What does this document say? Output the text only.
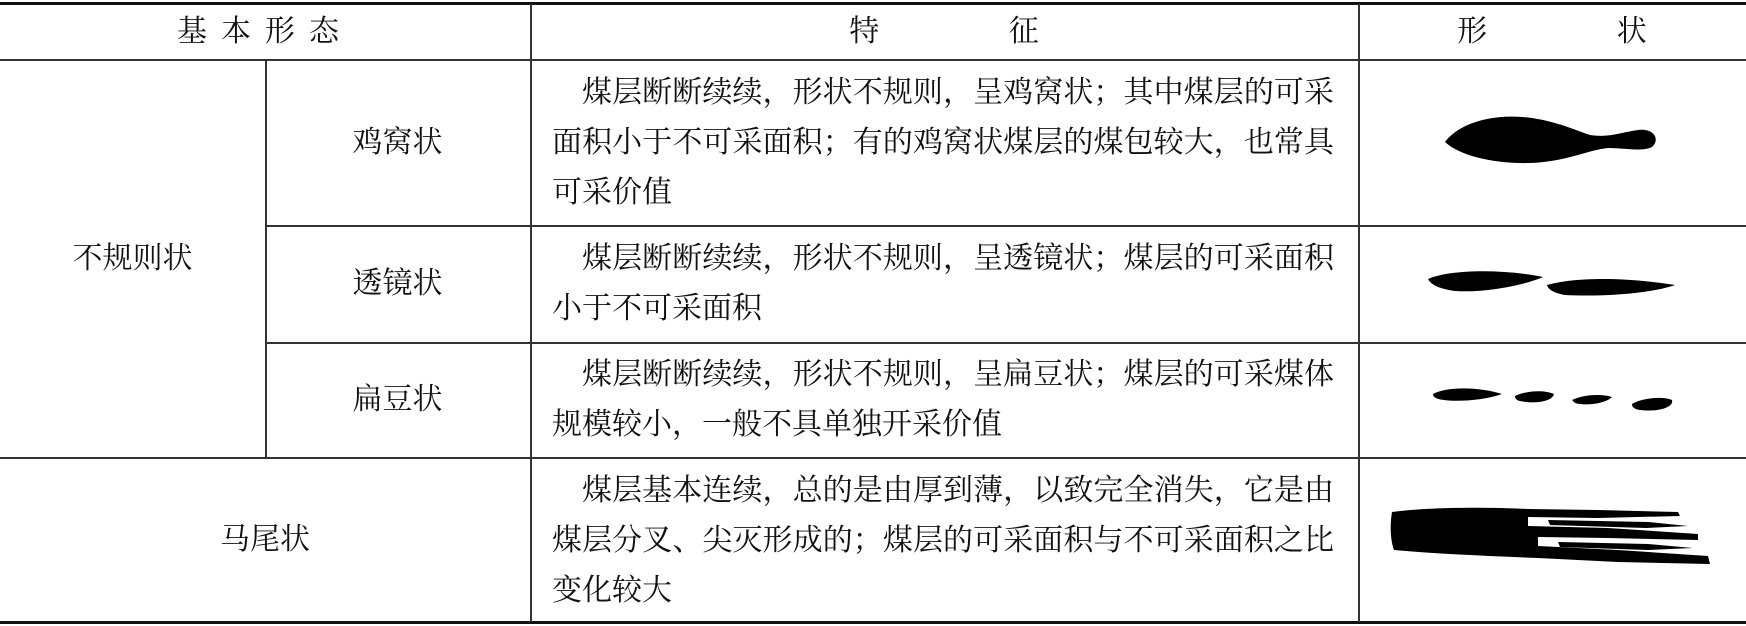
基本形态	特 征	形 状
不规则状
马尾状
鸡窝状
透镜状
扁豆状

煤层断断续续，形状不规则，呈鸡窝状；其中煤层的可采面积小于不可采面积；有的鸡窝状煤层的煤包较大，也常具可采价值

煤层断断续续，形状不规则，呈透镜状；煤层的可采面积小于不可采面积

煤层断断续续，形状不规则，呈扁豆状；煤层的可采煤体规模较小，一般不具单独开采价值

煤层基本连续，总的是由厚到薄，以致完全消失，它是由煤层分叉、尖灭形成的；煤层的可采面积与不可采面积之比变化较大
